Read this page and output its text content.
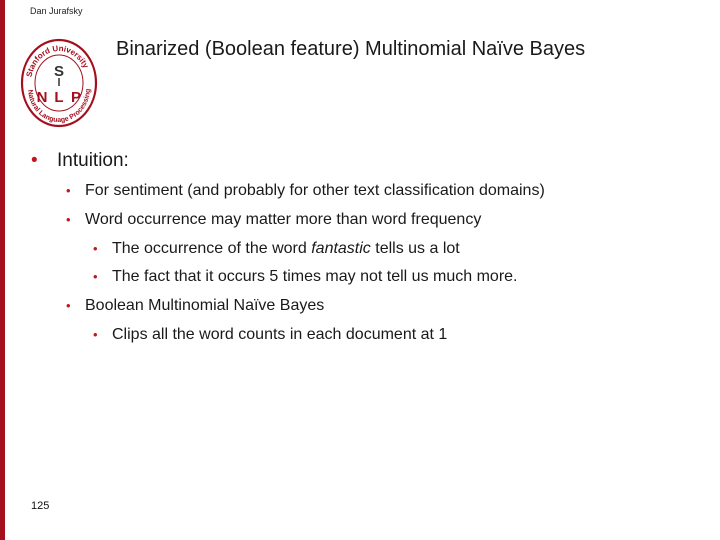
Dan Jurafsky
Stanford University
Natural Language Processing
S
N L P
Binarized (Boolean feature) Multinomial Naïve Bayes
• Intuition:
• For sentiment (and probably for other text classification domains)
• Word occurrence may matter more than word frequency
• The occurrence of the word fantastic tells us a lot
• The fact that it occurs 5 times may not tell us much more.
• Boolean Multinomial Naïve Bayes
• Clips all the word counts in each document at 1
125
